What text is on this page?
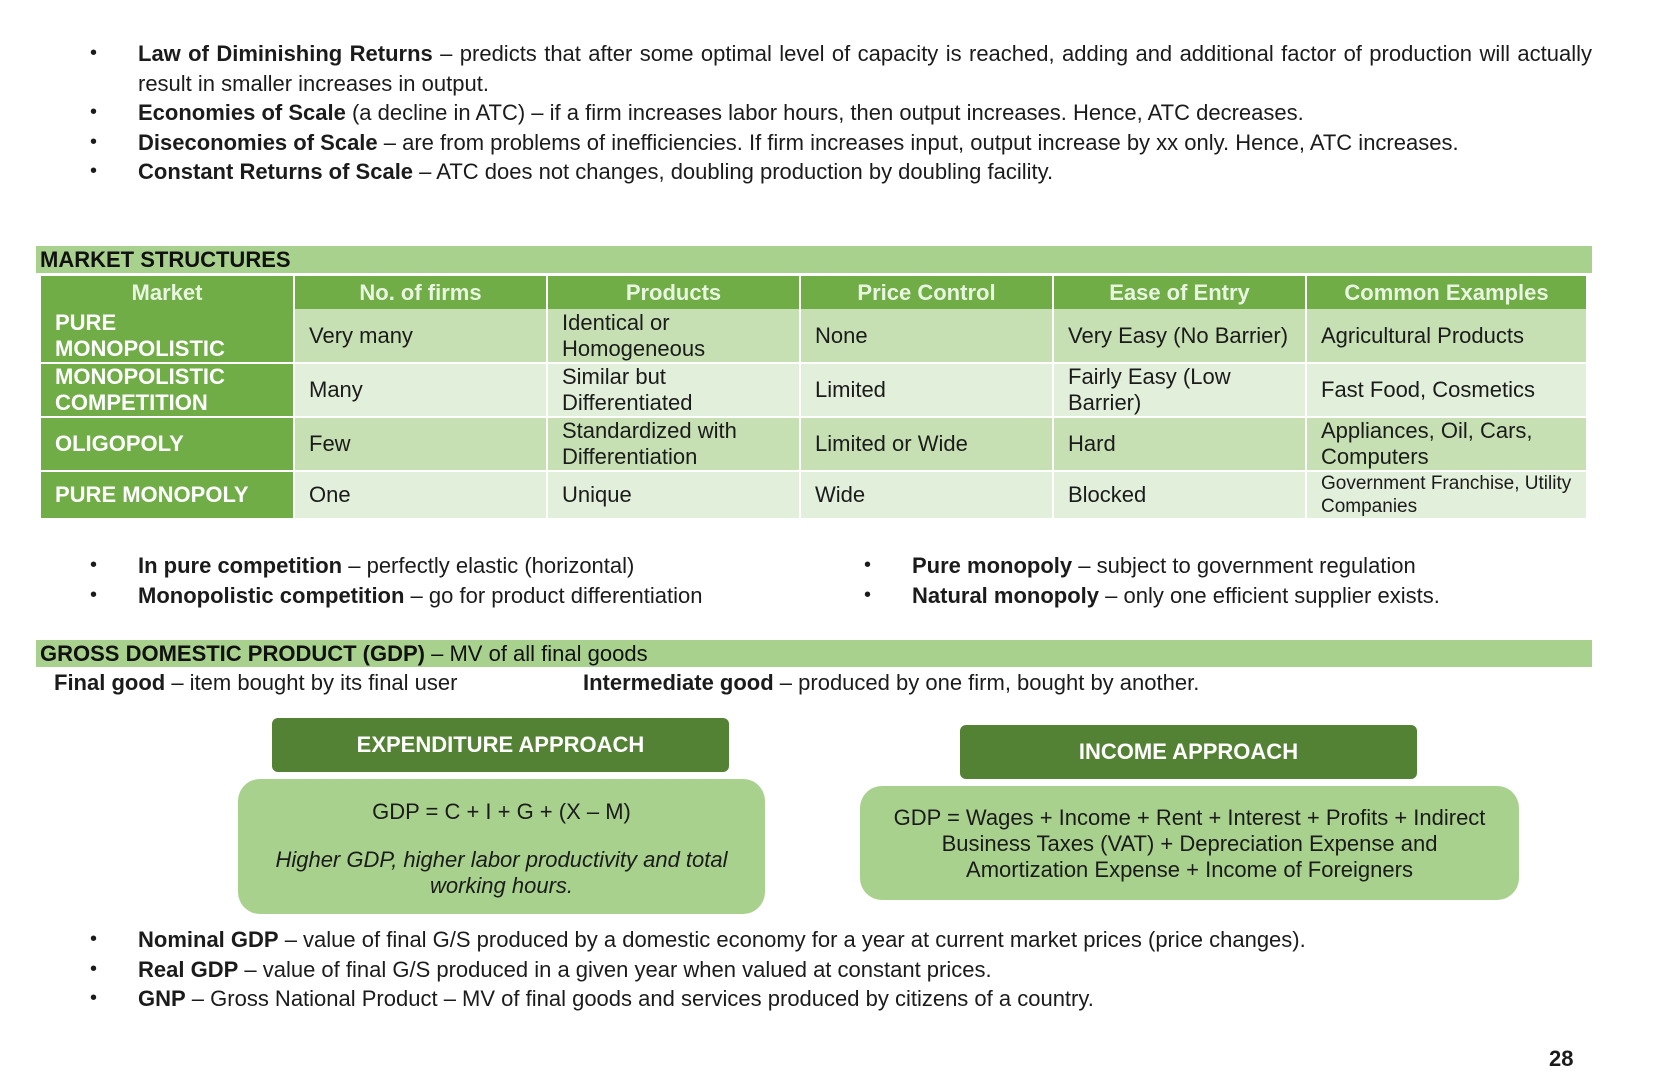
• Law of Diminishing Returns – predicts that after some optimal level of capacity is reached, adding and additional factor of production will actually result in smaller increases in output.
• Economies of Scale (a decline in ATC) – if a firm increases labor hours, then output increases. Hence, ATC decreases.
• Diseconomies of Scale – are from problems of inefficiencies. If firm increases input, output increase by xx only. Hence, ATC increases.
• Constant Returns of Scale – ATC does not changes, doubling production by doubling facility.
MARKET STRUCTURES
Market	No. of firms	Products	Price Control	Ease of Entry	Common Examples
PURE MONOPOLISTIC	Very many	Identical or Homogeneous	None	Very Easy (No Barrier)	Agricultural Products
MONOPOLISTIC COMPETITION	Many	Similar but Differentiated	Limited	Fairly Easy (Low Barrier)	Fast Food, Cosmetics
OLIGOPOLY	Few	Standardized with Differentiation	Limited or Wide	Hard	Appliances, Oil, Cars, Computers
PURE MONOPOLY	One	Unique	Wide	Blocked	Government Franchise, Utility Companies
• In pure competition – perfectly elastic (horizontal)
• Monopolistic competition – go for product differentiation
• Pure monopoly – subject to government regulation
• Natural monopoly – only one efficient supplier exists.
GROSS DOMESTIC PRODUCT (GDP) – MV of all final goods
Final good – item bought by its final user	Intermediate good – produced by one firm, bought by another.
GDP = C + I + G + (X – M)
Higher GDP, higher labor productivity and total working hours.
EXPENDITURE APPROACH
GDP = Wages + Income + Rent + Interest + Profits + Indirect Business Taxes (VAT) + Depreciation Expense and Amortization Expense + Income of Foreigners
INCOME APPROACH
• Nominal GDP – value of final G/S produced by a domestic economy for a year at current market prices (price changes).
• Real GDP – value of final G/S produced in a given year when valued at constant prices.
• GNP – Gross National Product – MV of final goods and services produced by citizens of a country.
28
